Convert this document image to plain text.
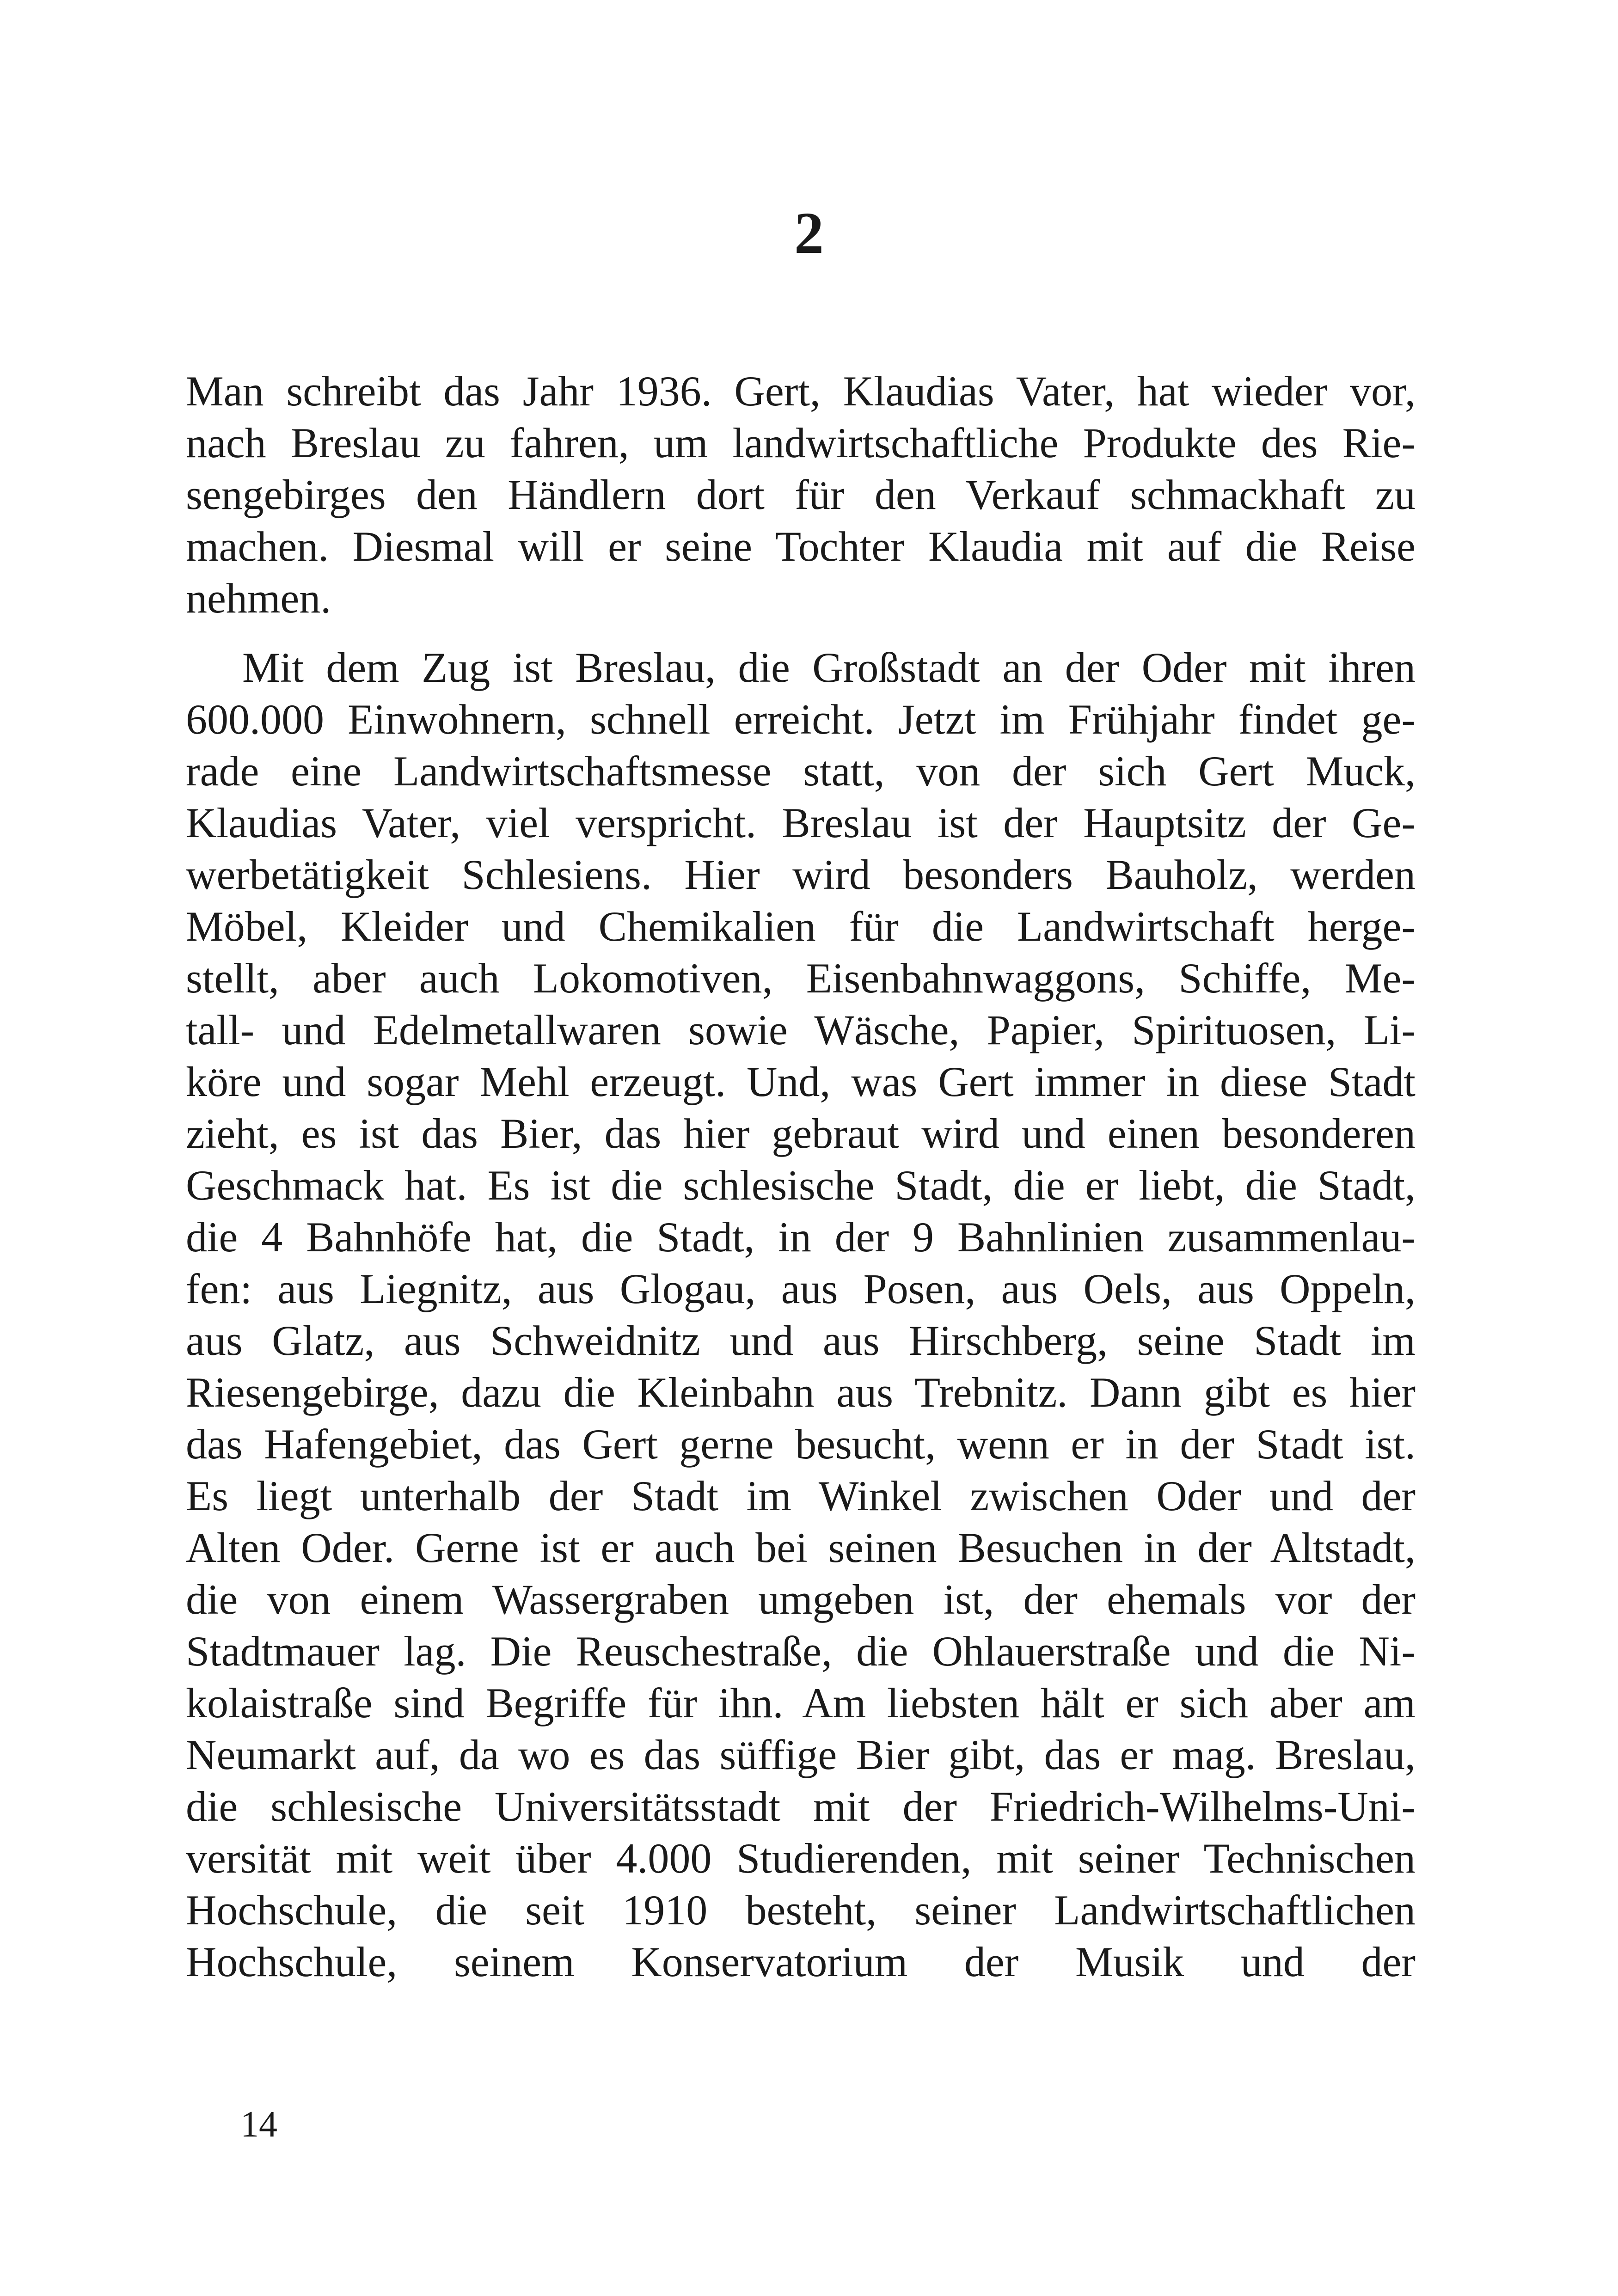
2
Man schreibt das Jahr 1936. Gert, Klaudias Vater, hat wieder vor,
nach Breslau zu fahren, um landwirtschaftliche Produkte des Rie-
sengebirges den Händlern dort für den Verkauf schmackhaft zu
machen. Diesmal will er seine Tochter Klaudia mit auf die Reise
nehmen.
Mit dem Zug ist Breslau, die Großstadt an der Oder mit ihren
600.000 Einwohnern, schnell erreicht. Jetzt im Frühjahr findet ge-
rade eine Landwirtschaftsmesse statt, von der sich Gert Muck,
Klaudias Vater, viel verspricht. Breslau ist der Hauptsitz der Ge-
werbetätigkeit Schlesiens. Hier wird besonders Bauholz, werden
Möbel, Kleider und Chemikalien für die Landwirtschaft herge-
stellt, aber auch Lokomotiven, Eisenbahnwaggons, Schiffe, Me-
tall- und Edelmetallwaren sowie Wäsche, Papier, Spirituosen, Li-
köre und sogar Mehl erzeugt. Und, was Gert immer in diese Stadt
zieht, es ist das Bier, das hier gebraut wird und einen besonderen
Geschmack hat. Es ist die schlesische Stadt, die er liebt, die Stadt,
die 4 Bahnhöfe hat, die Stadt, in der 9 Bahnlinien zusammenlau-
fen: aus Liegnitz, aus Glogau, aus Posen, aus Oels, aus Oppeln,
aus Glatz, aus Schweidnitz und aus Hirschberg, seine Stadt im
Riesengebirge, dazu die Kleinbahn aus Trebnitz. Dann gibt es hier
das Hafengebiet, das Gert gerne besucht, wenn er in der Stadt ist.
Es liegt unterhalb der Stadt im Winkel zwischen Oder und der
Alten Oder. Gerne ist er auch bei seinen Besuchen in der Altstadt,
die von einem Wassergraben umgeben ist, der ehemals vor der
Stadtmauer lag. Die Reuschestraße, die Ohlauerstraße und die Ni-
kolaistraße sind Begriffe für ihn. Am liebsten hält er sich aber am
Neumarkt auf, da wo es das süffige Bier gibt, das er mag. Breslau,
die schlesische Universitätsstadt mit der Friedrich-Wilhelms-Uni-
versität mit weit über 4.000 Studierenden, mit seiner Technischen
Hochschule, die seit 1910 besteht, seiner Landwirtschaftlichen
Hochschule, seinem Konservatorium der Musik und der
14
